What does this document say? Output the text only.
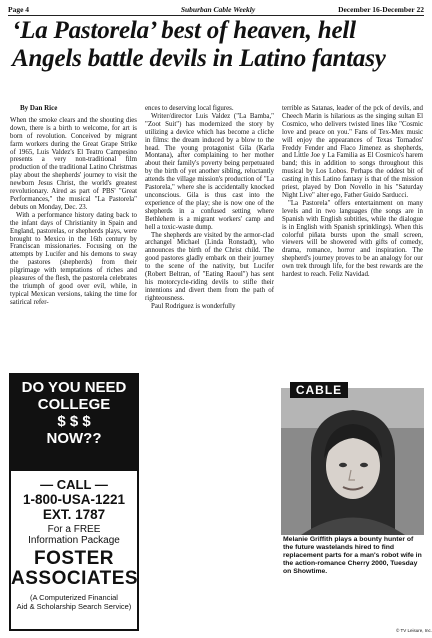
Page 4	Suburban Cable Weekly	December 16-December 22
‘La Pastorela’ best of heaven, hell Angels battle devils in Latino fantasy
By Dan Rice

When the smoke clears and the shouting dies down, there is a birth to welcome, for art is born of revolution. Conceived by migrant farm workers during the Great Grape Strike of 1965, Luis Valdez's El Teatro Campesino presents a very non-traditional film production of the traditional Latino Christmas play about the shepherds' journey to visit the newborn Jesus Christ, the world's greatest revolutionary. Aired as part of PBS' "Great Performances," the musical "La Pastorela" debuts on Monday, Dec. 23.

With a performance history dating back to the infant days of Christianity in Spain and England, pastorelas, or shepherds plays, were brought to Mexico in the 16th century by Franciscan missionaries. Focusing on the attempts by Lucifer and his demons to sway the pastores (shepherds) from their pilgrimage with temptations of riches and pleasures of the flesh, the pastorela celebrates the triumph of good over evil, while, in typical Mexican versions, taking the time for satirical refer-

ences to deserving local figures.

Writer/director Luis Valdez ("La Bamba," "Zoot Suit") has modernized the story by utilizing a device which has become a cliche in films: the dream induced by a blow to the head. The young protagonist Gila (Karla Montana), after complaining to her mother about their family's poverty being perpetuated by the birth of yet another sibling, reluctantly attends the village mission's production of "La Pastorela," where she is accidentally knocked unconscious. Gila is thus cast into the experience of the play; she is now one of the shepherds in a confused setting where Bethlehem is a migrant workers' camp and hell a toxic-waste dump.

The shepherds are visited by the armor-clad archangel Michael (Linda Ronstadt), who announces the birth of the Christ child. The good pastores gladly embark on their journey to the scene of the nativity, but Lucifer (Robert Beltran, of "Eating Raoul") has sent his motorcycle-riding devils to stifle their intentions and divert them from the path of righteousness.

Paul Rodriguez is wonderfully

terrible as Satanas, leader of the pck of devils, and Cheech Marin is hilarious as the singing sultan El Cosmico, who delivers twisted lines like "Cosmic love and peace on you." Fans of Tex-Mex music will enjoy the appearances of Texas Tornados' Freddy Fender and Flaco Jimenez as shepherds, and Little Joe y La Familia as El Cosmico's harem band; this in addition to songs throughout this musical by Los Lobos. Perhaps the oddest bit of casting in this Latino fantasy is that of the mission priest, played by Don Novello in his "Saturday Night Live" alter ego, Father Guido Sarducci.

"La Pastorela" offers entertainment on many levels and in two languages (the songs are in Spanish with English subtitles, while the dialogue is in English with Spanish sprinklings). When this colorful piñata bursts upon the small screen, viewers will be showered with gifts of comedy, drama, romance, horror and inspiration. The shepherd's journey proves to be an analogy for our own trek through life, for the best rewards are the hardest to reach. Feliz Navidad.

DO YOU NEED

COLLEGE

$ $ $

NOW??

— CALL —
1-800-USA-1221
EXT. 1787
For a FREE
Information Package
FOSTER
ASSOCIATES
(A Computerized Financial
Aid & Scholarship Search Service)
CABLE
Melanie Griffith plays a bounty hunter of the future wastelands hired to find replacement parts for a man's robot wife in the action-romance Cherry 2000, Tuesday on Showtime.
© TV Leisure, Inc.
